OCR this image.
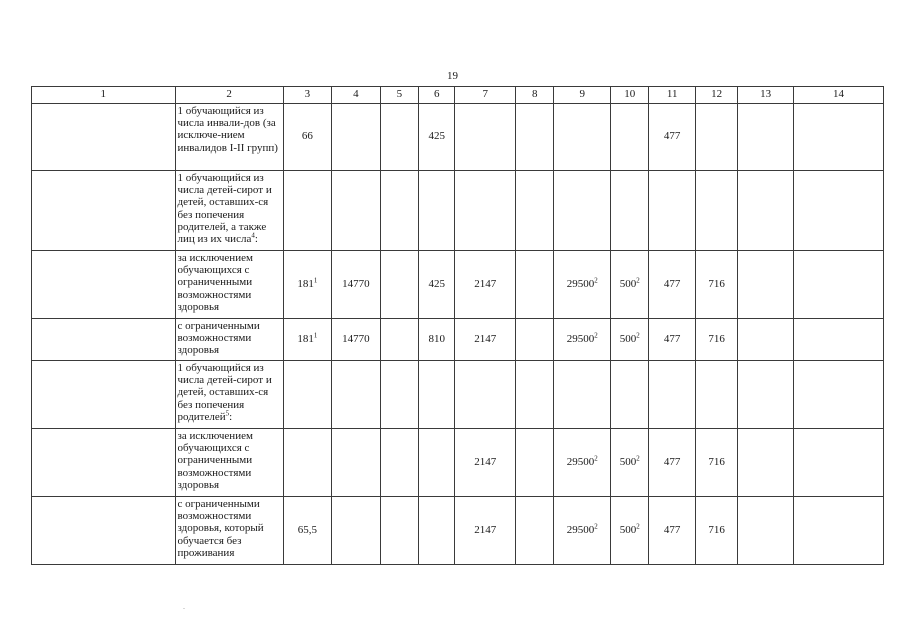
19
1	2	3	4	5	6	7	8	9	10	11	12	13	14
	1 обучающийся из числа инвали-дов (за исключе-нием инвалидов I-II групп)	66			425					477			
	1 обучающийся из числа детей-сирот и детей, оставших-ся без попечения родителей, а также лиц из их числа$^4$:												
	за исключением обучающихся с ограниченными возможностями здоровья	$181^1$	14770		425	2147		29500$^2$	$500^2$	477	716		
	с ограниченными возможностями здоровья	$181^1$	14770		810	2147		29500$^2$	$500^2$	477	716		
	1 обучающийся из числа детей-сирот и детей, оставших-ся без попечения родителей$^5$:												
	за исключением обучающихся с ограниченными возможностями здоровья					2147		29500$^2$	$500^2$	477	716		
	с ограниченными возможностями здоровья, который обучается без проживания	65,5				2147		29500$^2$	$500^2$	477	716		
.
